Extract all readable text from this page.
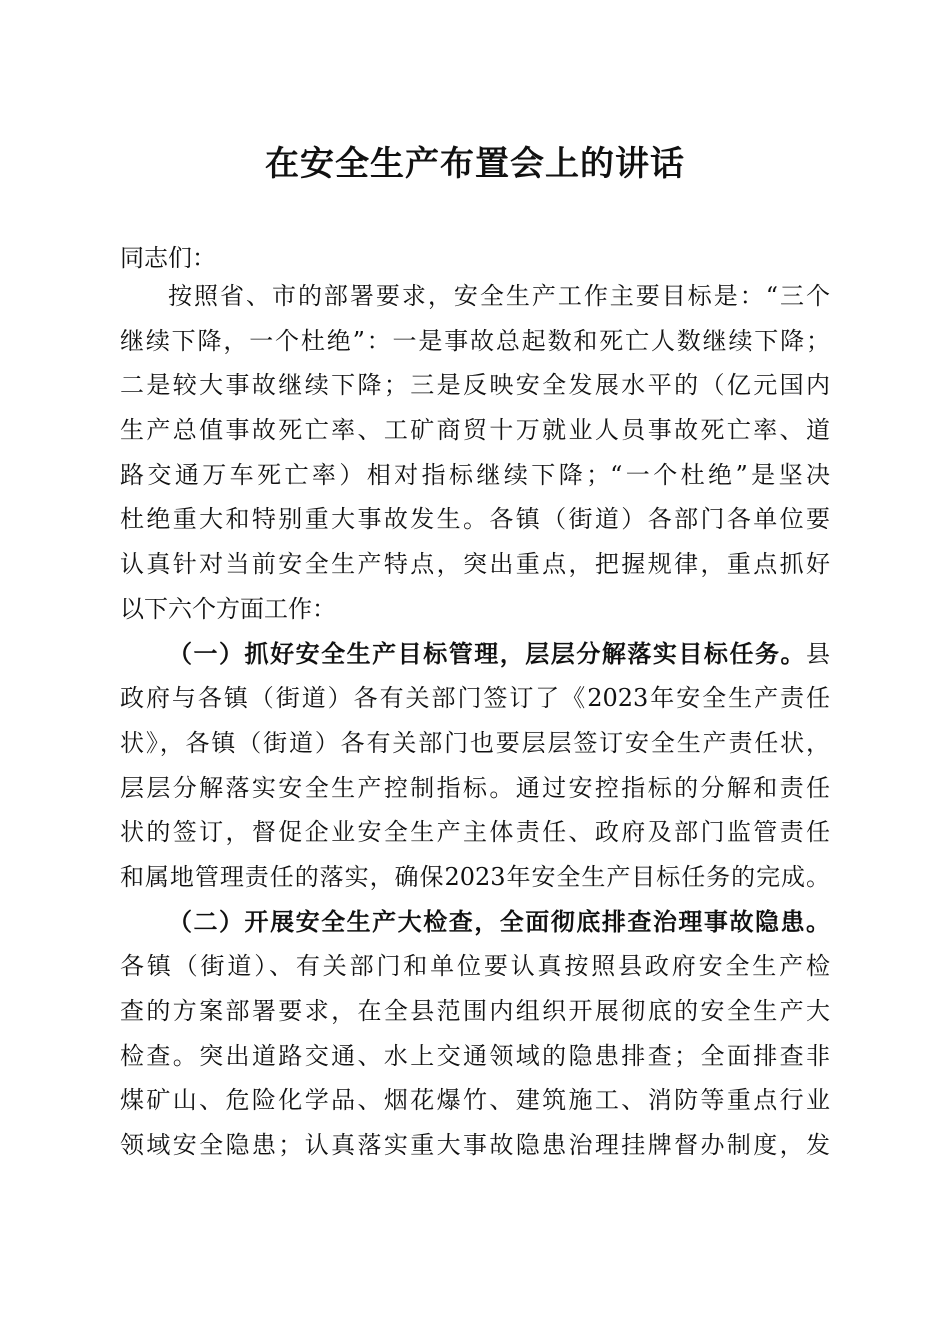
在安全生产布置会上的讲话
同志们：
按照省、市的部署要求，安全生产工作主要目标是：“三个
继续下降，一个杜绝”：一是事故总起数和死亡人数继续下降；
二是较大事故继续下降；三是反映安全发展水平的（亿元国内
生产总值事故死亡率、工矿商贸十万就业人员事故死亡率、道
路交通万车死亡率）相对指标继续下降；“一个杜绝”是坚决
杜绝重大和特别重大事故发生。各镇（街道）各部门各单位要
认真针对当前安全生产特点，突出重点，把握规律，重点抓好
以下六个方面工作：
（一）抓好安全生产目标管理，层层分解落实目标任务。县
政府与各镇（街道）各有关部门签订了《2023年安全生产责任
状》，各镇（街道）各有关部门也要层层签订安全生产责任状，
层层分解落实安全生产控制指标。通过安控指标的分解和责任
状的签订，督促企业安全生产主体责任、政府及部门监管责任
和属地管理责任的落实，确保2023年安全生产目标任务的完成。
（二）开展安全生产大检查，全面彻底排查治理事故隐患。
各镇（街道）、有关部门和单位要认真按照县政府安全生产检
查的方案部署要求，在全县范围内组织开展彻底的安全生产大
检查。突出道路交通、水上交通领域的隐患排查；全面排查非
煤矿山、危险化学品、烟花爆竹、建筑施工、消防等重点行业
领域安全隐患；认真落实重大事故隐患治理挂牌督办制度，发
